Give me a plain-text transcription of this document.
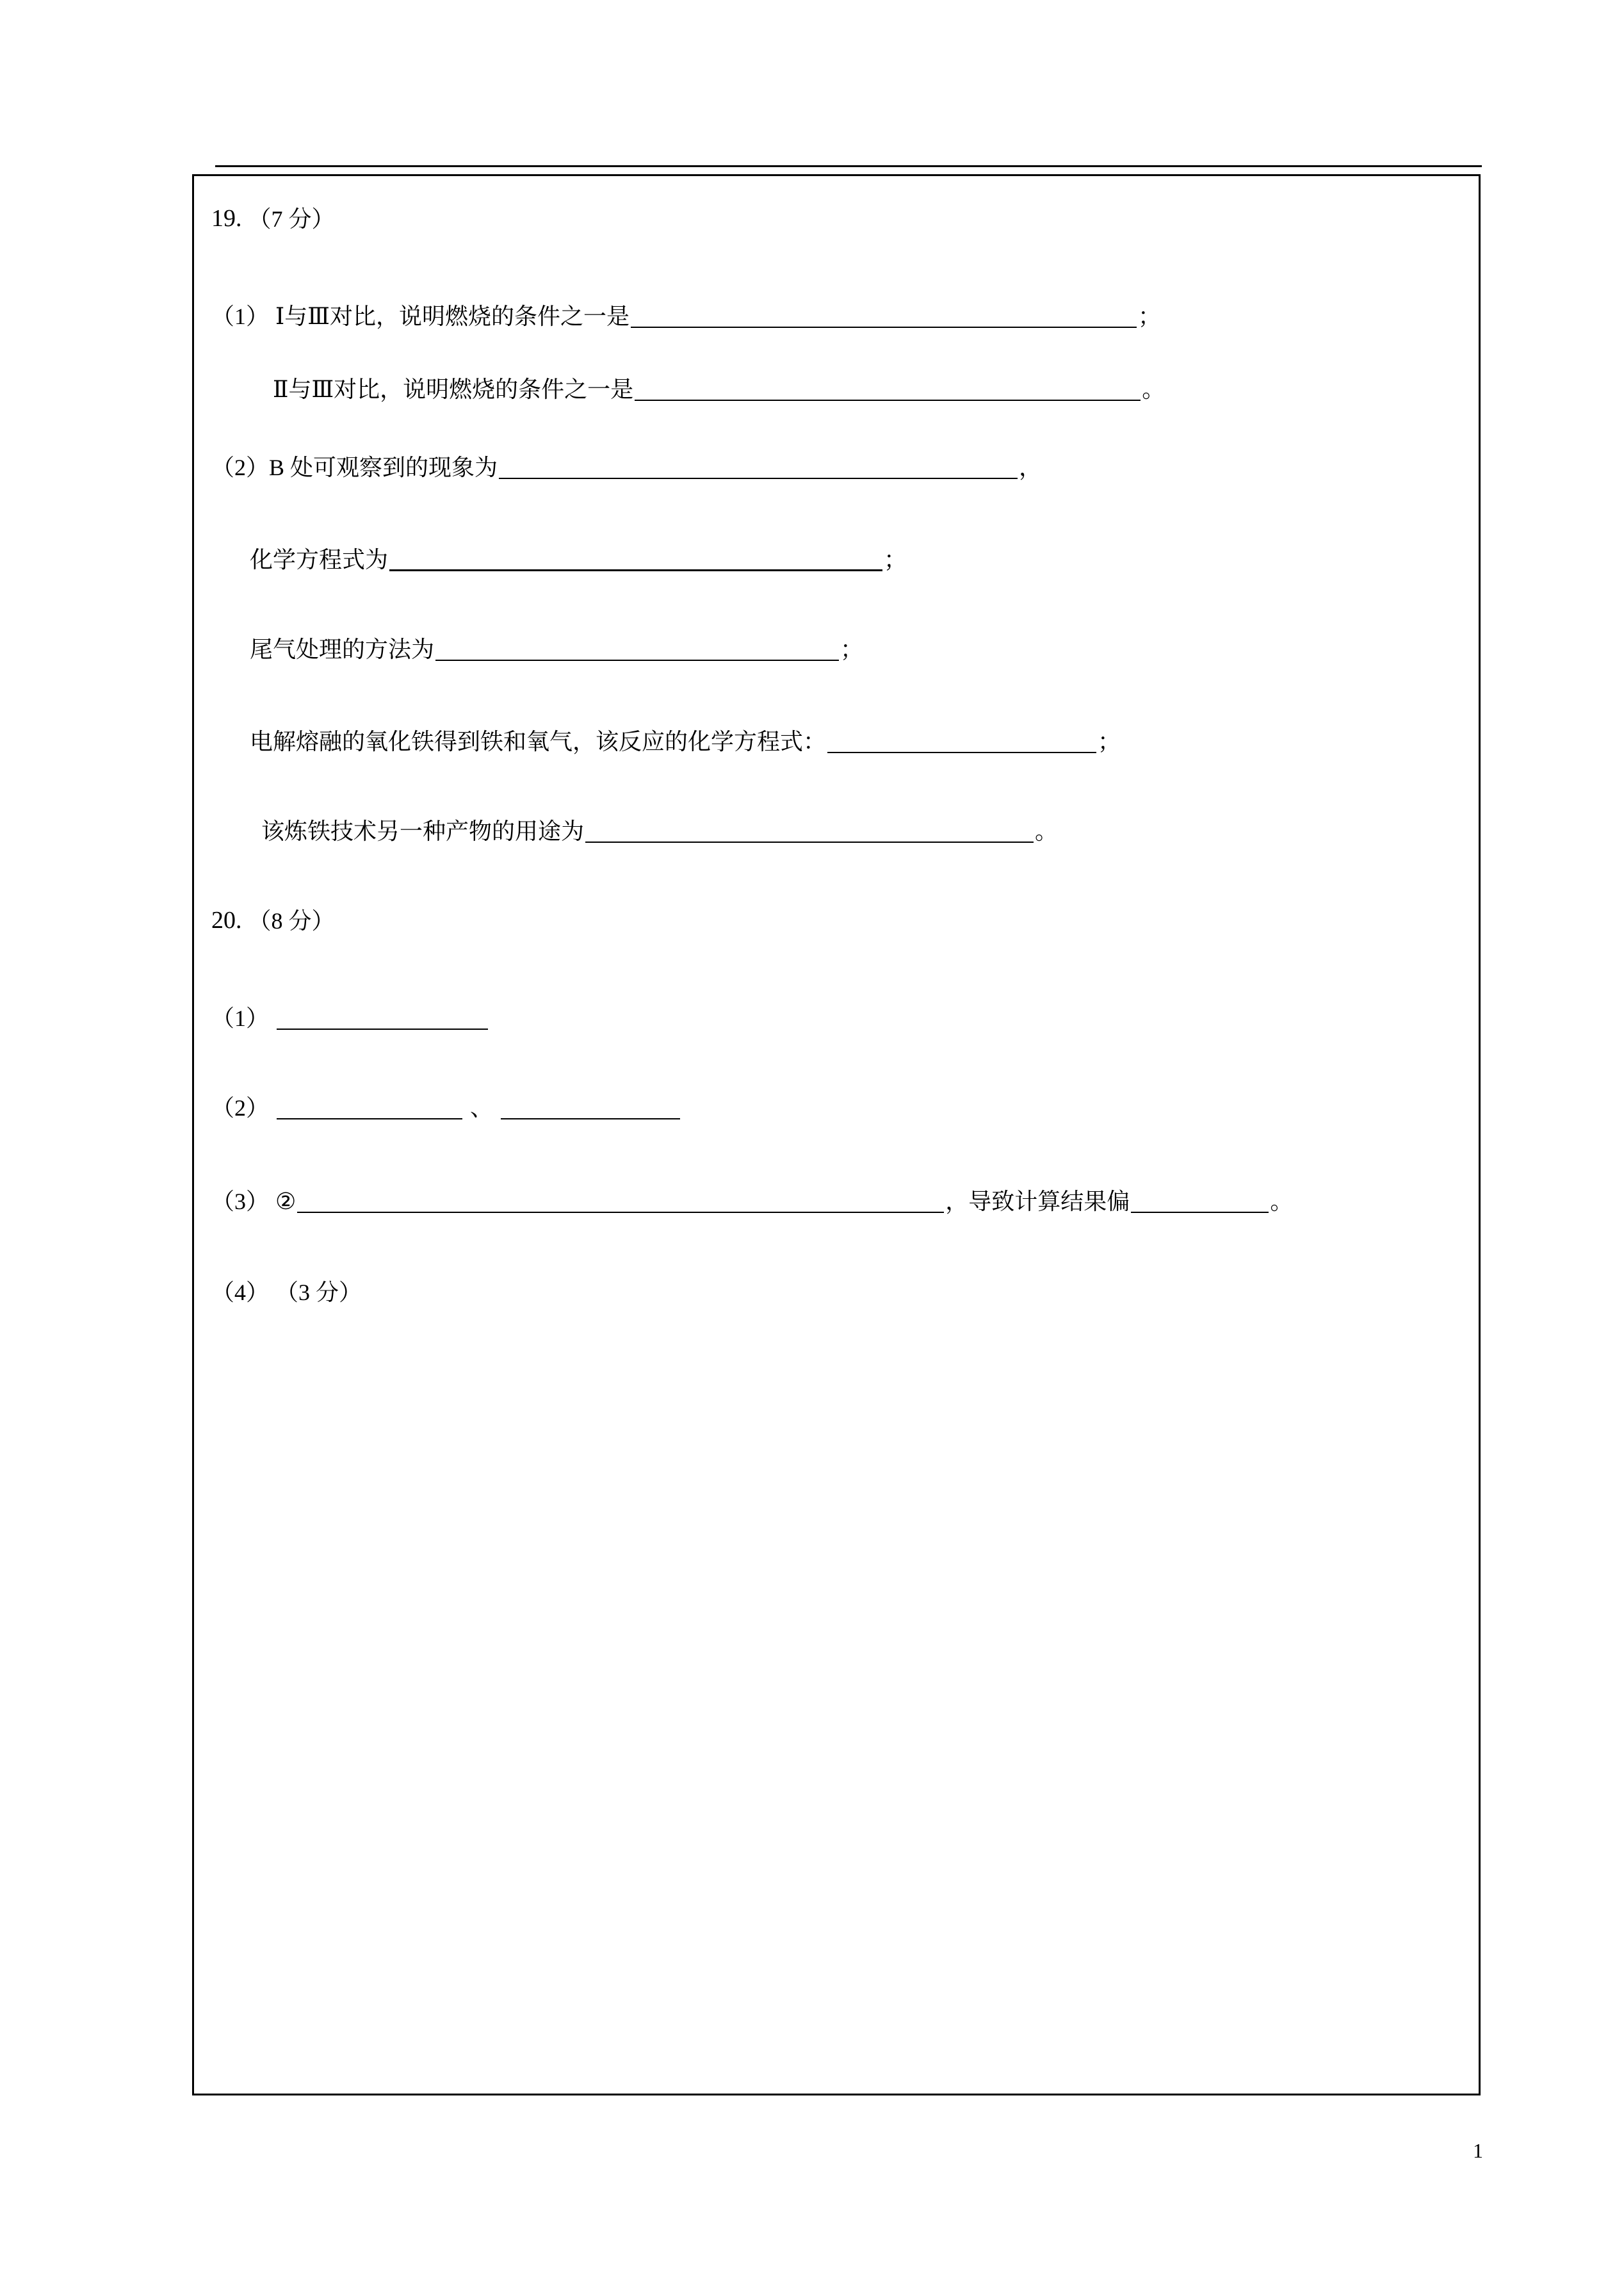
19. （7 分）
（1） Ⅰ与Ⅲ对比，说明燃烧的条件之一是	；
Ⅱ与Ⅲ对比，说明燃烧的条件之一是	。
（2） B 处可观察到的现象为	，
化学方程式为	；
尾气处理的方法为	；
电解熔融的氧化铁得到铁和氧气，该反应的化学方程式：	；
该炼铁技术另一种产物的用途为	。
20. （8 分）
（1）
（2）	、
（3） ②	，导致计算结果偏	。
（4） （3 分）
1
